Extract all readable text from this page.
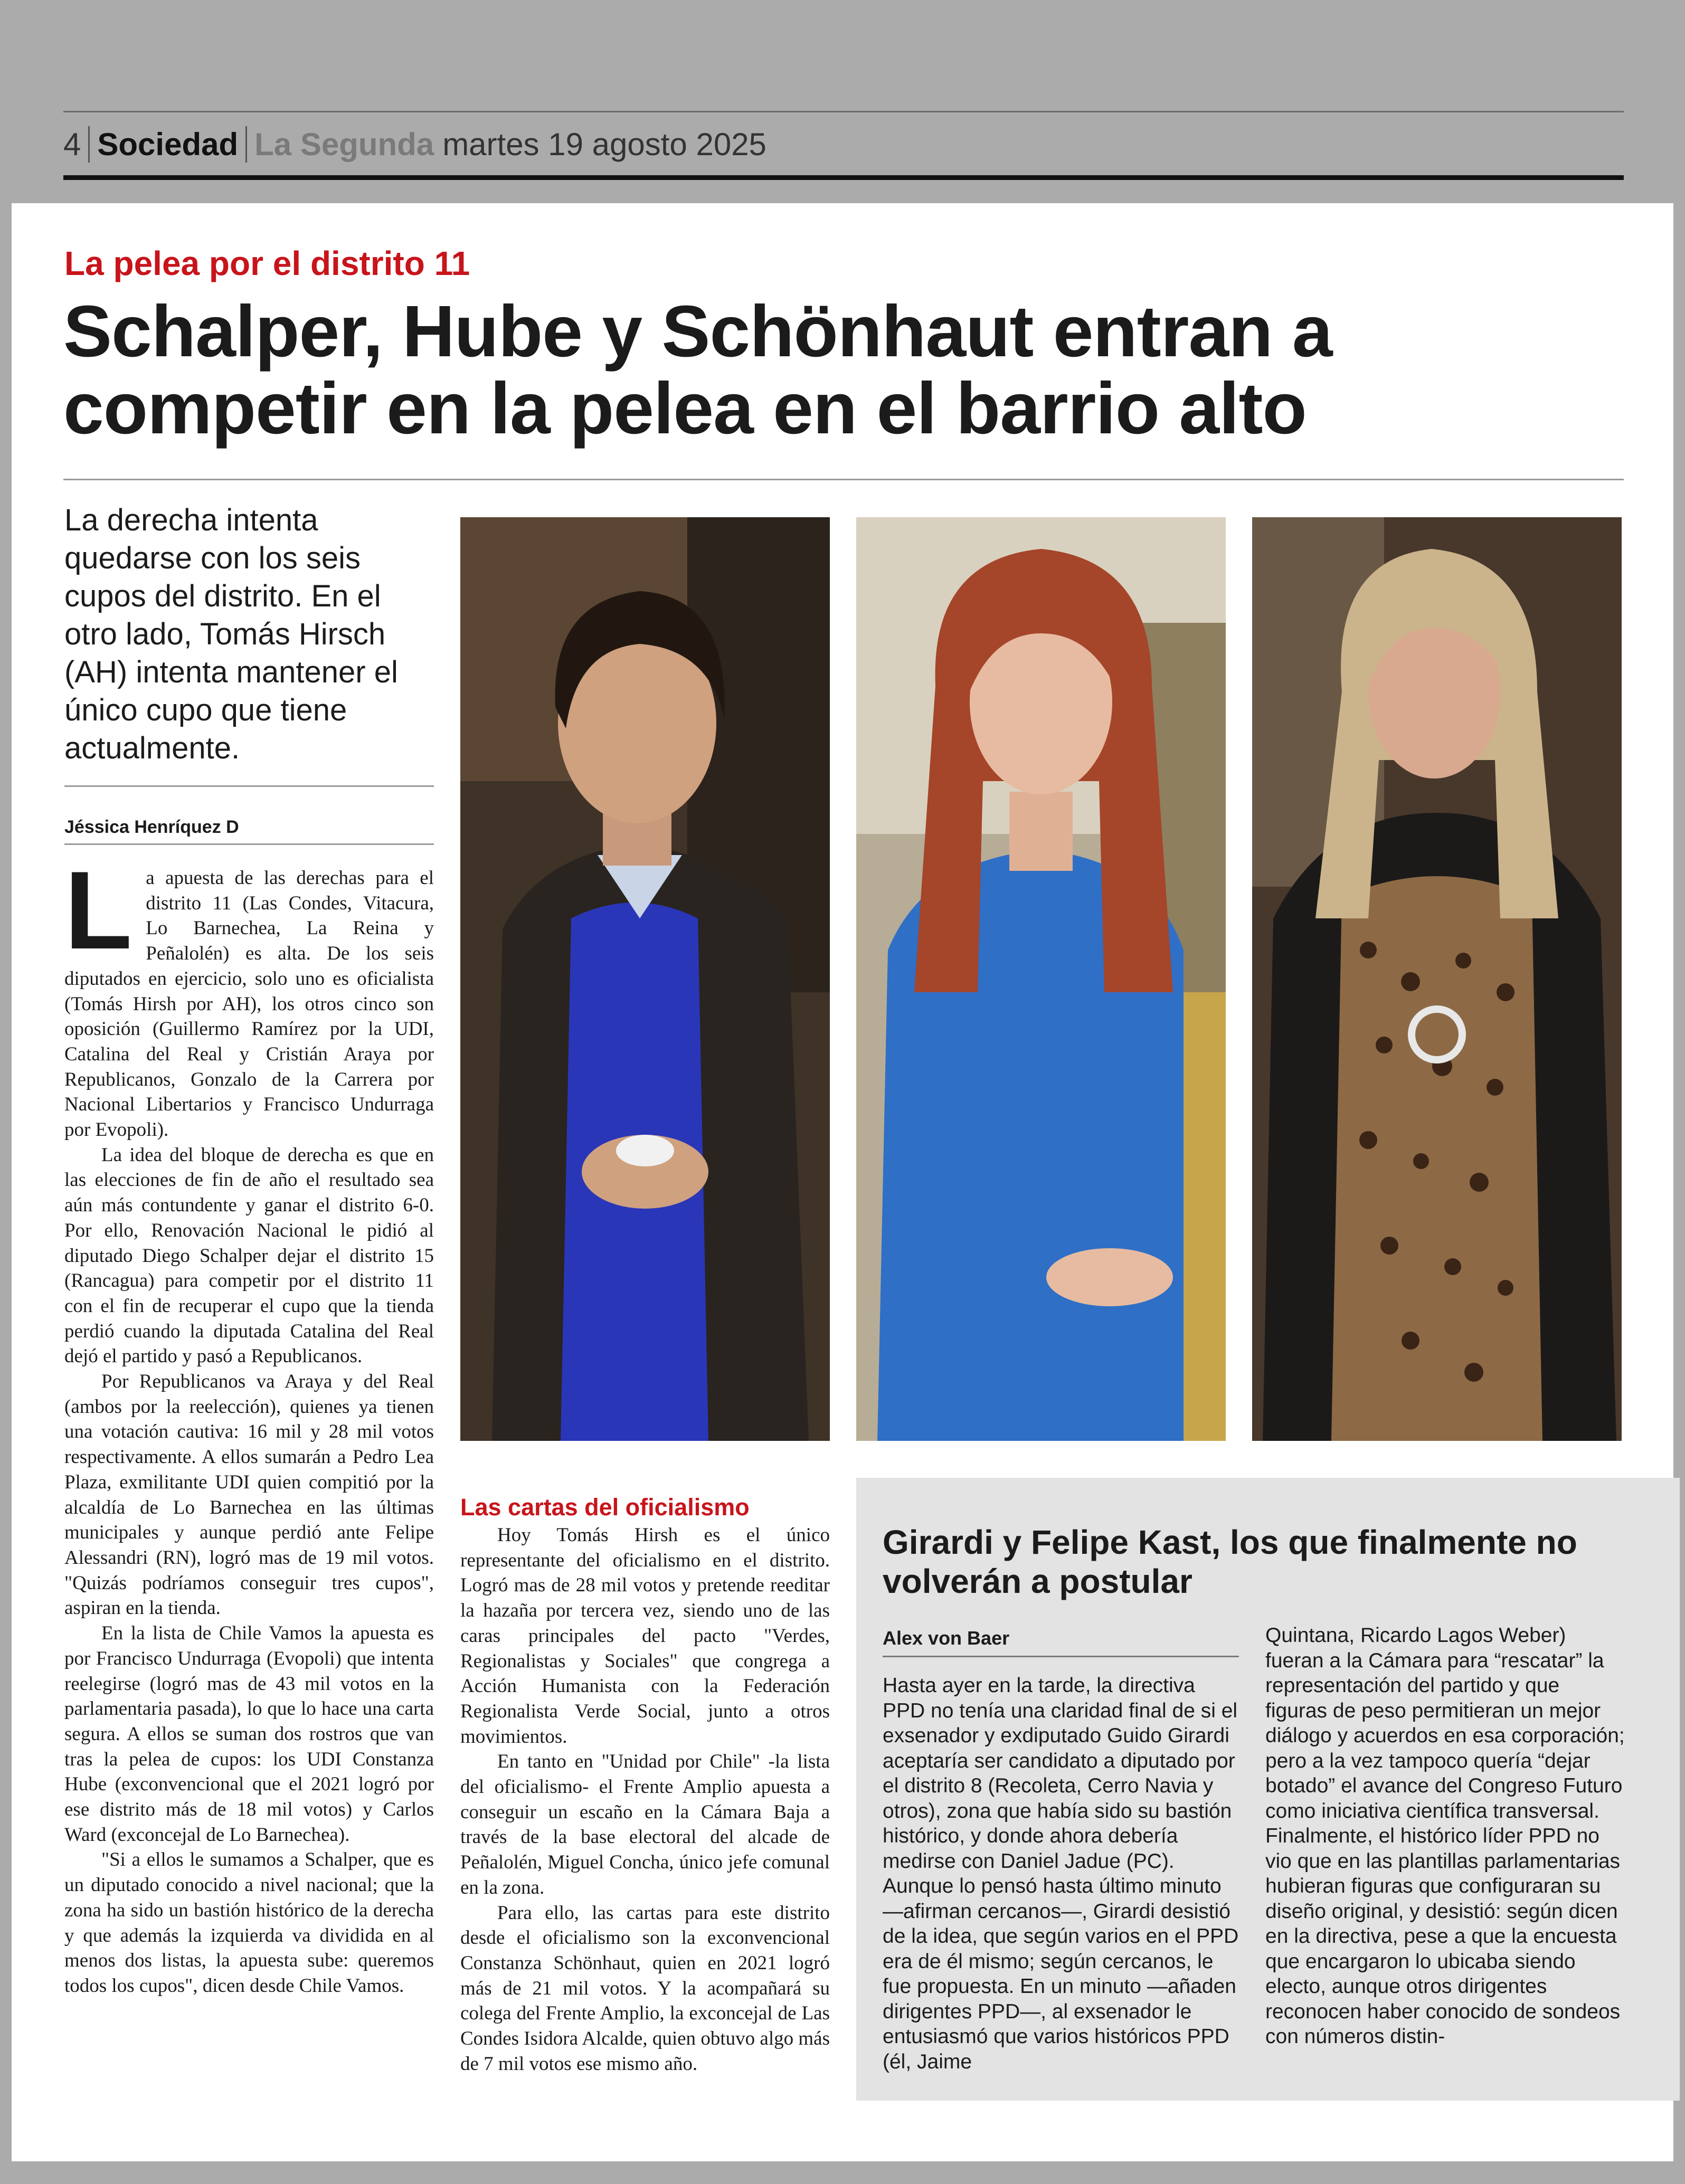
4 Sociedad La Segunda martes 19 agosto 2025
La pelea por el distrito 11
Schalper, Hube y Schönhaut entran a competir en la pelea en el barrio alto
La derecha intenta quedarse con los seis cupos del distrito. En el otro lado, Tomás Hirsch (AH) intenta mantener el único cupo que tiene actualmente.
Jéssica Henríquez D

La apuesta de las derechas para el distrito 11 (Las Condes, Vitacura, Lo Barnechea, La Reina y Peñalolén) es alta. De los seis diputados en ejercicio, solo uno es oficialista (Tomás Hirsh por AH), los otros cinco son oposición (Guillermo Ramírez por la UDI, Catalina del Real y Cristián Araya por Republicanos, Gonzalo de la Carrera por Nacional Libertarios y Francisco Undurraga por Evopoli).

La idea del bloque de derecha es que en las elecciones de fin de año el resultado sea aún más contundente y ganar el distrito 6-0. Por ello, Renovación Nacional le pidió al diputado Diego Schalper dejar el distrito 15 (Rancagua) para competir por el distrito 11 con el fin de recuperar el cupo que la tienda perdió cuando la diputada Catalina del Real dejó el partido y pasó a Republicanos.

Por Republicanos va Araya y del Real (ambos por la reelección), quienes ya tienen una votación cautiva: 16 mil y 28 mil votos respectivamente. A ellos sumarán a Pedro Lea Plaza, exmilitante UDI quien compitió por la alcaldía de Lo Barnechea en las últimas municipales y aunque perdió ante Felipe Alessandri (RN), logró mas de 19 mil votos. "Quizás podríamos conseguir tres cupos", aspiran en la tienda.

En la lista de Chile Vamos la apuesta es por Francisco Undurraga (Evopoli) que intenta reelegirse (logró mas de 43 mil votos en la parlamentaria pasada), lo que lo hace una carta segura. A ellos se suman dos rostros que van tras la pelea de cupos: los UDI Constanza Hube (exconvencional que el 2021 logró por ese distrito más de 18 mil votos) y Carlos Ward (exconcejal de Lo Barnechea).

"Si a ellos le sumamos a Schalper, que es un diputado conocido a nivel nacional; que la zona ha sido un bastión histórico de la derecha y que además la izquierda va dividida en al menos dos listas, la apuesta sube: queremos todos los cupos", dicen desde Chile Vamos.

Las cartas del oficialismo

Hoy Tomás Hirsh es el único representante del oficialismo en el distrito. Logró mas de 28 mil votos y pretende reeditar la hazaña por tercera vez, siendo uno de las caras principales del pacto "Verdes, Regionalistas y Sociales" que congrega a Acción Humanista con la Federación Regionalista Verde Social, junto a otros movimientos.

En tanto en "Unidad por Chile" -la lista del oficialismo- el Frente Amplio apuesta a conseguir un escaño en la Cámara Baja a través de la base electoral del alcade de Peñalolén, Miguel Concha, único jefe comunal en la zona.

Para ello, las cartas para este distrito desde el oficialismo son la exconvencional Constanza Schönhaut, quien en 2021 logró más de 21 mil votos. Y la acompañará su colega del Frente Amplio, la exconcejal de Las Condes Isidora Alcalde, quien obtuvo algo más de 7 mil votos ese mismo año.

Girardi y Felipe Kast, los que finalmente no volverán a postular
Alex von Baer

Hasta ayer en la tarde, la directiva PPD no tenía una claridad final de si el exsenador y exdiputado Guido Girardi aceptaría ser candidato a diputado por el distrito 8 (Recoleta, Cerro Navia y otros), zona que había sido su bastión histórico, y donde ahora debería medirse con Daniel Jadue (PC). Aunque lo pensó hasta último minuto —afirman cercanos—, Girardi desistió de la idea, que según varios en el PPD era de él mismo; según cercanos, le fue propuesta. En un minuto —añaden dirigentes PPD—, al exsenador le entusiasmó que varios históricos PPD (él, Jaime

Quintana, Ricardo Lagos Weber) fueran a la Cámara para “rescatar” la representación del partido y que figuras de peso permitieran un mejor diálogo y acuerdos en esa corporación; pero a la vez tampoco quería “dejar botado” el avance del Congreso Futuro como iniciativa científica transversal.

Finalmente, el histórico líder PPD no vio que en las plantillas parlamentarias hubieran figuras que configuraran su diseño original, y desistió: según dicen en la directiva, pese a que la encuesta que encargaron lo ubicaba siendo electo, aunque otros dirigentes reconocen haber conocido de sondeos con números distin-
